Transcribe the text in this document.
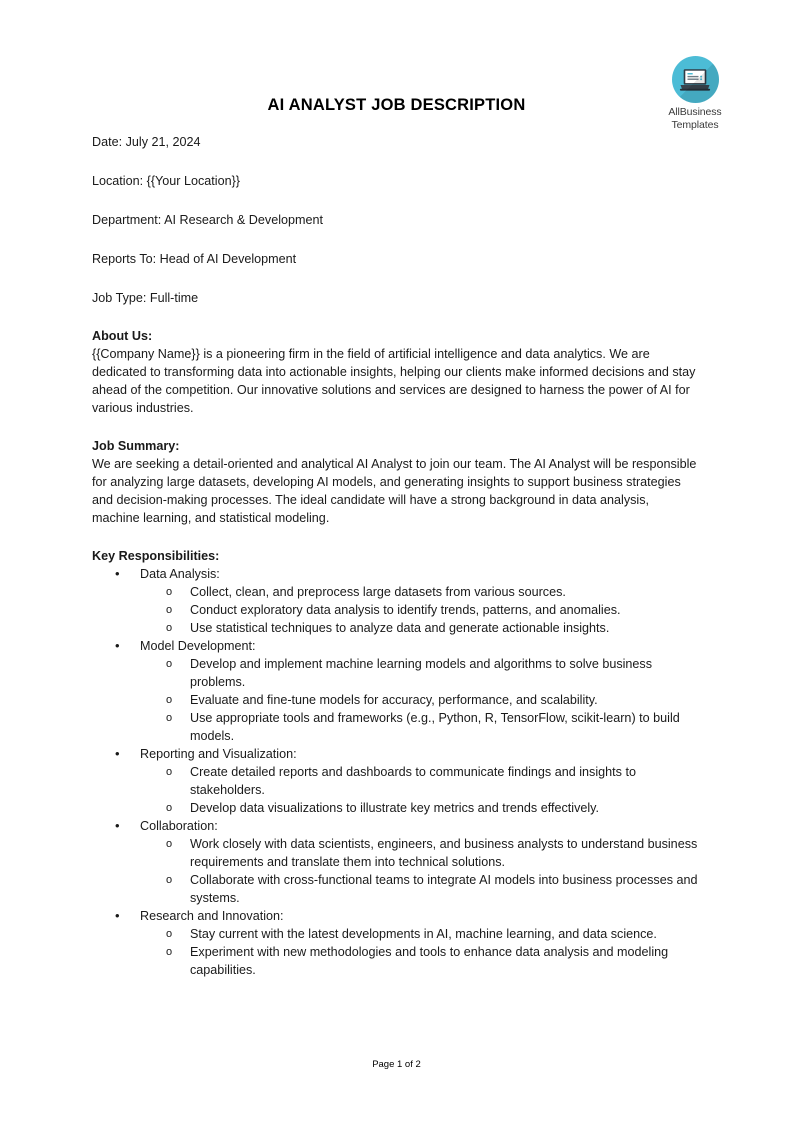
AllBusiness
Templates
AI ANALYST JOB DESCRIPTION

Date: July 21, 2024

Location: {{Your Location}}

Department: AI Research & Development

Reports To: Head of AI Development

Job Type: Full-time

About Us:
{{Company Name}} is a pioneering firm in the field of artificial intelligence and data analytics. We are dedicated to transforming data into actionable insights, helping our clients make informed decisions and stay ahead of the competition. Our innovative solutions and services are designed to harness the power of AI for various industries.
Job Summary:
We are seeking a detail-oriented and analytical AI Analyst to join our team. The AI Analyst will be responsible for analyzing large datasets, developing AI models, and generating insights to support business strategies and decision-making processes. The ideal candidate will have a strong background in data analysis, machine learning, and statistical modeling.
Key Responsibilities:
• Data Analysis:
o Collect, clean, and preprocess large datasets from various sources.
o Conduct exploratory data analysis to identify trends, patterns, and anomalies.
o Use statistical techniques to analyze data and generate actionable insights.
• Model Development:
o Develop and implement machine learning models and algorithms to solve business problems.
o Evaluate and fine-tune models for accuracy, performance, and scalability.
o Use appropriate tools and frameworks (e.g., Python, R, TensorFlow, scikit-learn) to build models.
• Reporting and Visualization:
o Create detailed reports and dashboards to communicate findings and insights to stakeholders.
o Develop data visualizations to illustrate key metrics and trends effectively.
• Collaboration:
o Work closely with data scientists, engineers, and business analysts to understand business requirements and translate them into technical solutions.
o Collaborate with cross-functional teams to integrate AI models into business processes and systems.
• Research and Innovation:
o Stay current with the latest developments in AI, machine learning, and data science.
o Experiment with new methodologies and tools to enhance data analysis and modeling capabilities.
Page 1 of 2
